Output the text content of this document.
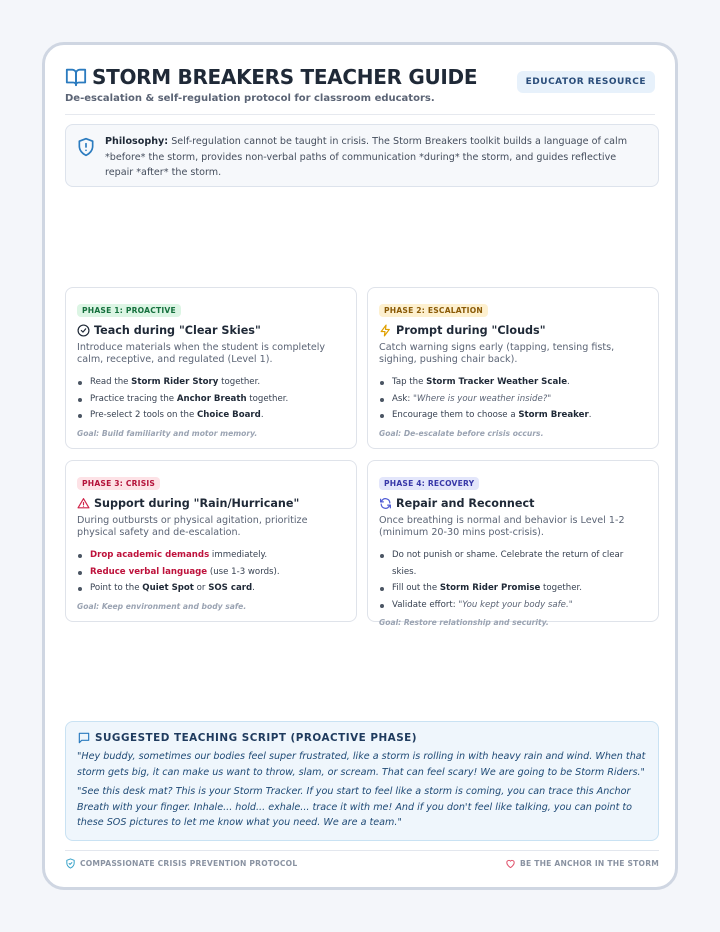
STORM BREAKERS TEACHER GUIDE
De-escalation & self-regulation protocol for classroom educators.
EDUCATOR RESOURCE
Philosophy: Self-regulation cannot be taught in crisis. The Storm Breakers toolkit builds a language of calm *before* the storm, provides non-verbal paths of communication *during* the storm, and guides reflective repair *after* the storm.
PHASE 1: PROACTIVE
Teach during "Clear Skies"
Introduce materials when the student is completely calm, receptive, and regulated (Level 1).
Read the Storm Rider Story together.
Practice tracing the Anchor Breath together.
Pre-select 2 tools on the Choice Board.
Goal: Build familiarity and motor memory.
PHASE 2: ESCALATION
Prompt during "Clouds"
Catch warning signs early (tapping, tensing fists, sighing, pushing chair back).
Tap the Storm Tracker Weather Scale.
Ask: "Where is your weather inside?"
Encourage them to choose a Storm Breaker.
Goal: De-escalate before crisis occurs.
PHASE 3: CRISIS
Support during "Rain/Hurricane"
During outbursts or physical agitation, prioritize physical safety and de-escalation.
Drop academic demands immediately.
Reduce verbal language (use 1-3 words).
Point to the Quiet Spot or SOS card.
Goal: Keep environment and body safe.
PHASE 4: RECOVERY
Repair and Reconnect
Once breathing is normal and behavior is Level 1-2 (minimum 20-30 mins post-crisis).
Do not punish or shame. Celebrate the return of clear skies.
Fill out the Storm Rider Promise together.
Validate effort: "You kept your body safe."
Goal: Restore relationship and security.
SUGGESTED TEACHING SCRIPT (PROACTIVE PHASE)

"Hey buddy, sometimes our bodies feel super frustrated, like a storm is rolling in with heavy rain and wind. When that storm gets big, it can make us want to throw, slam, or scream. That can feel scary! We are going to be Storm Riders."

"See this desk mat? This is your Storm Tracker. If you start to feel like a storm is coming, you can trace this Anchor Breath with your finger. Inhale... hold... exhale... trace it with me! And if you don't feel like talking, you can point to these SOS pictures to let me know what you need. We are a team."

COMPASSIONATE CRISIS PREVENTION PROTOCOL	BE THE ANCHOR IN THE STORM
